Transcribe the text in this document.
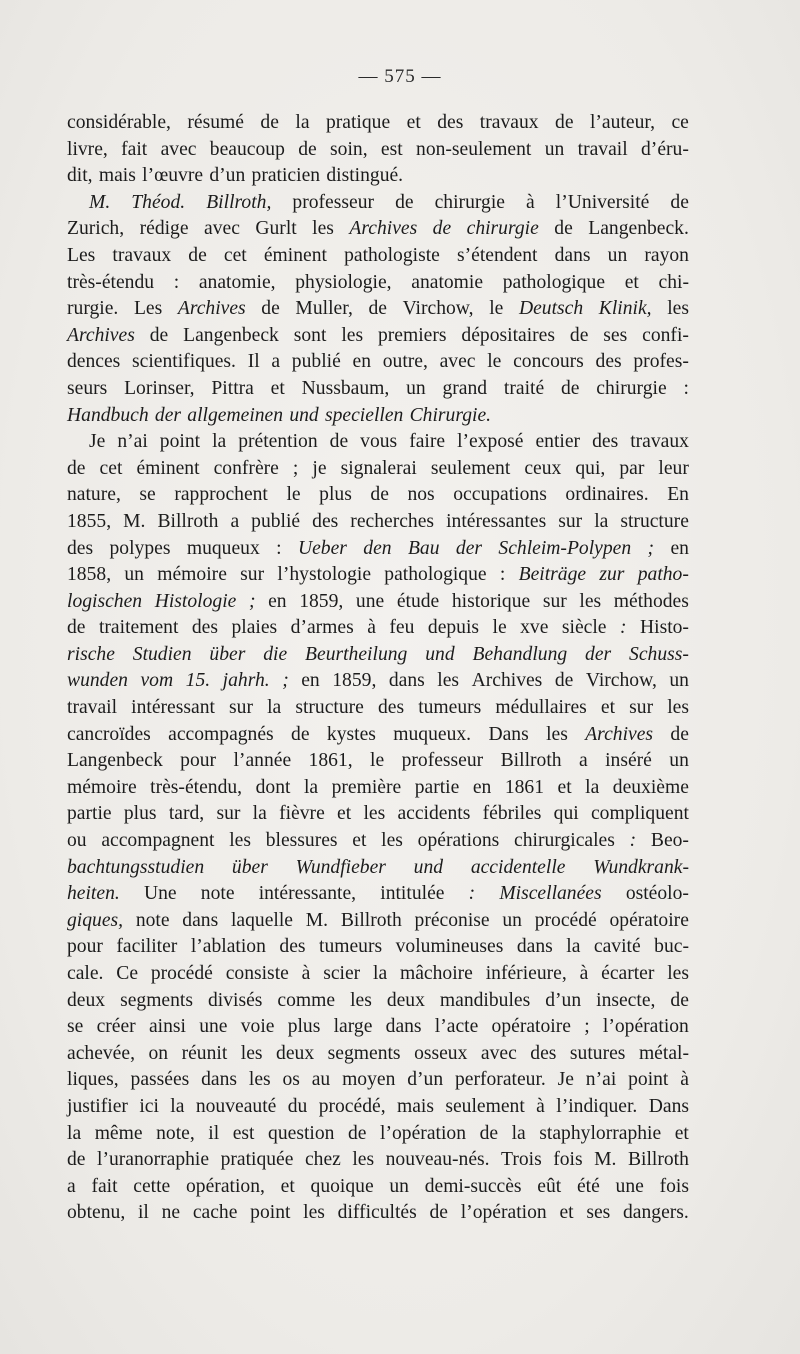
— 575 —
considérable, résumé de la pratique et des travaux de l’auteur, ce
livre, fait avec beaucoup de soin, est non-seulement un travail d’éru-
dit, mais l’œuvre d’un praticien distingué.
M. Théod. Billroth, professeur de chirurgie à l’Université de
Zurich, rédige avec Gurlt les Archives de chirurgie de Langenbeck.
Les travaux de cet éminent pathologiste s’étendent dans un rayon
très-étendu : anatomie, physiologie, anatomie pathologique et chi-
rurgie. Les Archives de Muller, de Virchow, le Deutsch Klinik, les
Archives de Langenbeck sont les premiers dépositaires de ses confi-
dences scientifiques. Il a publié en outre, avec le concours des profes-
seurs Lorinser, Pittra et Nussbaum, un grand traité de chirurgie :
Handbuch der allgemeinen und speciellen Chirurgie.
Je n’ai point la prétention de vous faire l’exposé entier des travaux
de cet éminent confrère ; je signalerai seulement ceux qui, par leur
nature, se rapprochent le plus de nos occupations ordinaires. En
1855, M. Billroth a publié des recherches intéressantes sur la structure
des polypes muqueux : Ueber den Bau der Schleim-Polypen ; en
1858, un mémoire sur l’hystologie pathologique : Beiträge zur patho-
logischen Histologie ; en 1859, une étude historique sur les méthodes
de traitement des plaies d’armes à feu depuis le xve siècle : Histo-
rische Studien über die Beurtheilung und Behandlung der Schuss-
wunden vom 15. jahrh. ; en 1859, dans les Archives de Virchow, un
travail intéressant sur la structure des tumeurs médullaires et sur les
cancroïdes accompagnés de kystes muqueux. Dans les Archives de
Langenbeck pour l’année 1861, le professeur Billroth a inséré un
mémoire très-étendu, dont la première partie en 1861 et la deuxième
partie plus tard, sur la fièvre et les accidents fébriles qui compliquent
ou accompagnent les blessures et les opérations chirurgicales : Beo-
bachtungsstudien über Wundfieber und accidentelle Wundkrank-
heiten. Une note intéressante, intitulée : Miscellanées ostéolo-
giques, note dans laquelle M. Billroth préconise un procédé opératoire
pour faciliter l’ablation des tumeurs volumineuses dans la cavité buc-
cale. Ce procédé consiste à scier la mâchoire inférieure, à écarter les
deux segments divisés comme les deux mandibules d’un insecte, de
se créer ainsi une voie plus large dans l’acte opératoire ; l’opération
achevée, on réunit les deux segments osseux avec des sutures métal-
liques, passées dans les os au moyen d’un perforateur. Je n’ai point à
justifier ici la nouveauté du procédé, mais seulement à l’indiquer. Dans
la même note, il est question de l’opération de la staphylorraphie et
de l’uranorraphie pratiquée chez les nouveau-nés. Trois fois M. Billroth
a fait cette opération, et quoique un demi-succès eût été une fois
obtenu, il ne cache point les difficultés de l’opération et ses dangers.
